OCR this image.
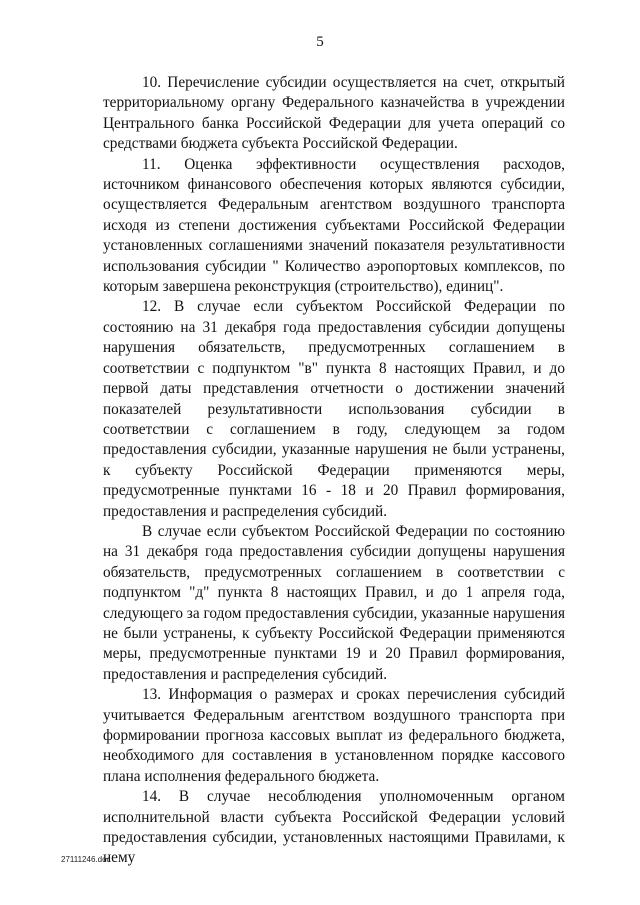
5

10. Перечисление субсидии осуществляется на счет, открытый территориальному органу Федерального казначейства в учреждении Центрального банка Российской Федерации для учета операций со средствами бюджета субъекта Российской Федерации.

11. Оценка эффективности осуществления расходов, источником финансового обеспечения которых являются субсидии, осуществляется Федеральным агентством воздушного транспорта исходя из степени достижения субъектами Российской Федерации установленных соглашениями значений показателя результативности использования субсидии " Количество аэропортовых комплексов, по которым завершена реконструкция (строительство), единиц".

12. В случае если субъектом Российской Федерации по состоянию на 31 декабря года предоставления субсидии допущены нарушения обязательств, предусмотренных соглашением в соответствии с подпунктом "в" пункта 8 настоящих Правил, и до первой даты представления отчетности о достижении значений показателей результативности использования субсидии в соответствии с соглашением в году, следующем за годом предоставления субсидии, указанные нарушения не были устранены, к субъекту Российской Федерации применяются меры, предусмотренные пунктами 16 - 18 и 20 Правил формирования, предоставления и распределения субсидий.

В случае если субъектом Российской Федерации по состоянию на 31 декабря года предоставления субсидии допущены нарушения обязательств, предусмотренных соглашением в соответствии с подпунктом "д" пункта 8 настоящих Правил, и до 1 апреля года, следующего за годом предоставления субсидии, указанные нарушения не были устранены, к субъекту Российской Федерации применяются меры, предусмотренные пунктами 19 и 20 Правил формирования, предоставления и распределения субсидий.

13. Информация о размерах и сроках перечисления субсидий учитывается Федеральным агентством воздушного транспорта при формировании прогноза кассовых выплат из федерального бюджета, необходимого для составления в установленном порядке кассового плана исполнения федерального бюджета.

14. В случае несоблюдения уполномоченным органом исполнительной власти субъекта Российской Федерации условий предоставления субсидии, установленных настоящими Правилами, к нему

27111246.doc
